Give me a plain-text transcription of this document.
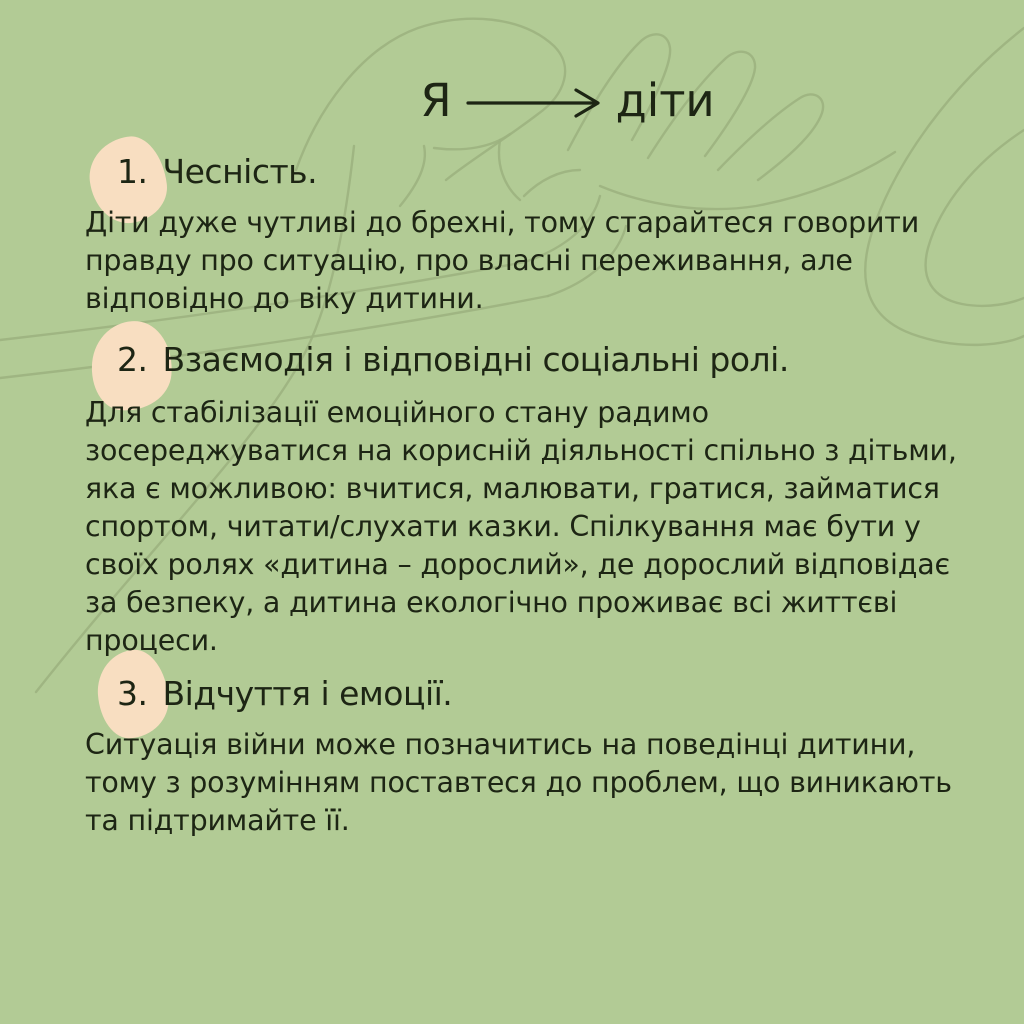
Я	діти
1. Чесність.
Діти дуже чутливі до брехні, тому старайтеся говорити
правду про ситуацію, про власні переживання, але
відповідно до віку дитини.
2. Взаємодія і відповідні соціальні ролі.
Для стабілізації емоційного стану радимо
зосереджуватися на корисній діяльності спільно з дітьми,
яка є можливою: вчитися, малювати, гратися, займатися
спортом, читати/слухати казки. Спілкування має бути у
своїх ролях «дитина – дорослий», де дорослий відповідає
за безпеку, а дитина екологічно проживає всі життєві
процеси.
3. Відчуття і емоції.
Ситуація війни може позначитись на поведінці дитини,
тому з розумінням поставтеся до проблем, що виникають
та підтримайте її.
